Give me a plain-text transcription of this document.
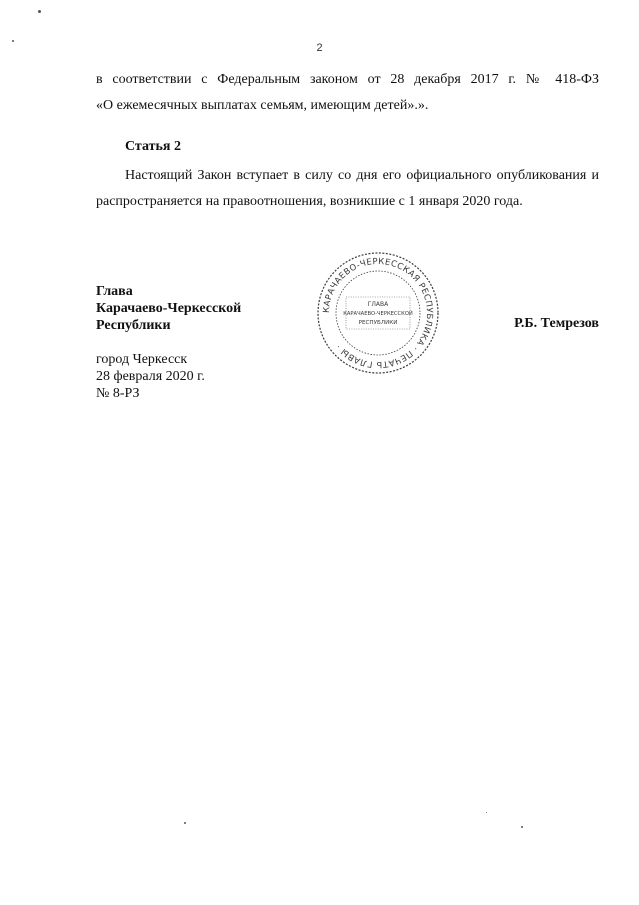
2

в соответствии с Федеральным законом от 28 декабря 2017 г. № 418-ФЗ
«О ежемесячных выплатах семьям, имеющим детей».».

Статья 2

Настоящий Закон вступает в силу со дня его официального опубликования и распространяется на правоотношения, возникшие с 1 января 2020 года.

Глава
Карачаево-Черкесской
Республики	Р.Б. Темрезов

город Черкесск
28 февраля 2020 г.
№ 8-РЗ

КАРАЧАЕВО-ЧЕРКЕССКАЯ РЕСПУБЛИКА · ПЕЧАТЬ ГЛАВЫ ·
ГЛАВА
КАРАЧАЕВО-ЧЕРКЕССКОЙ
РЕСПУБЛИКИ
